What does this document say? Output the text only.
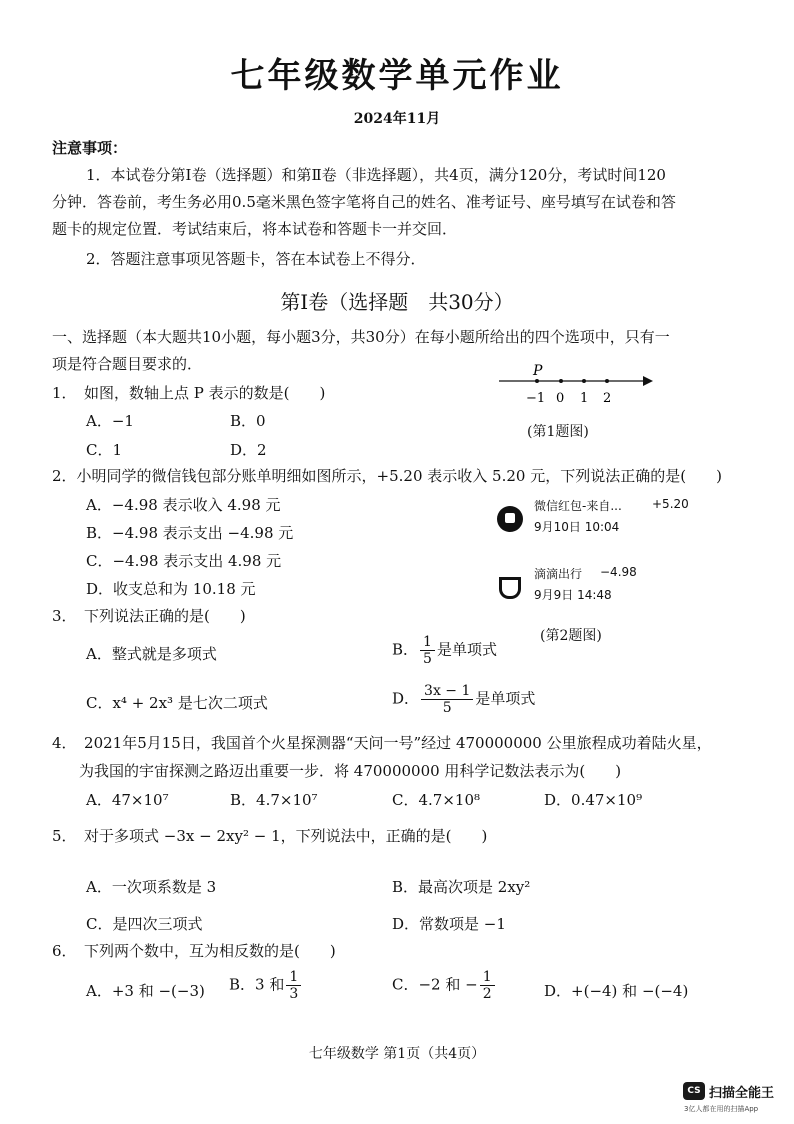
七年级数学单元作业
2024年11月
注意事项：
1．本试卷分第Ⅰ卷（选择题）和第Ⅱ卷（非选择题），共4页，满分120分，考试时间120
分钟．答卷前，考生务必用0.5毫米黑色签字笔将自己的姓名、准考证号、座号填写在试卷和答
题卡的规定位置．考试结束后，将本试卷和答题卡一并交回．
2．答题注意事项见答题卡，答在本试卷上不得分．
第Ⅰ卷（选择题　共30分）
一、选择题（本大题共10小题，每小题3分，共30分）在每小题所给出的四个选项中，只有一
项是符合题目要求的．
1．　如图，数轴上点 P 表示的数是(　　)
A．−1	B．0
C．1	D．2
P
−1 0 1 2
(第1题图)
2．小明同学的微信钱包部分账单明细如图所示，+5.20 表示收入 5.20 元，下列说法正确的是(　　)
A．−4.98 表示收入 4.98 元
B．−4.98 表示支出 −4.98 元
C．−4.98 表示支出 4.98 元
D．收支总和为 10.18 元
微信红包-来自...	+5.20
9月10日 10:04
滴滴出行 −4.98
9月9日 14:48
(第2题图)
3．　下列说法正确的是(　　)
A．整式就是多项式	B． $\frac{1}{5}$ 是单项式
C．x⁴ + 2x³ 是七次二项式	D． $\frac{3x - 1}{5}$ 是单项式
4．　2021年5月15日，我国首个火星探测器“天问一号”经过 470000000 公里旅程成功着陆火星，
为我国的宇宙探测之路迈出重要一步．将 470000000 用科学记数法表示为(　　)
A．47×10⁷	B．4.7×10⁷	C．4.7×10⁸	D．0.47×10⁹
5．　对于多项式 −3x − 2xy² − 1，下列说法中，正确的是(　　)
A．一次项系数是 3	B．最高次项是 2xy²
C．是四次三项式	D．常数项是 −1
6．　下列两个数中，互为相反数的是(　　)
A．+3 和 −(−3) B．3 和 $\frac{1}{3}$	C．−2 和 − $\frac{1}{2}$	D．+(−4) 和 −(−4)
七年级数学 第1页（共4页）
CS 扫描全能王
3亿人都在用的扫描App
